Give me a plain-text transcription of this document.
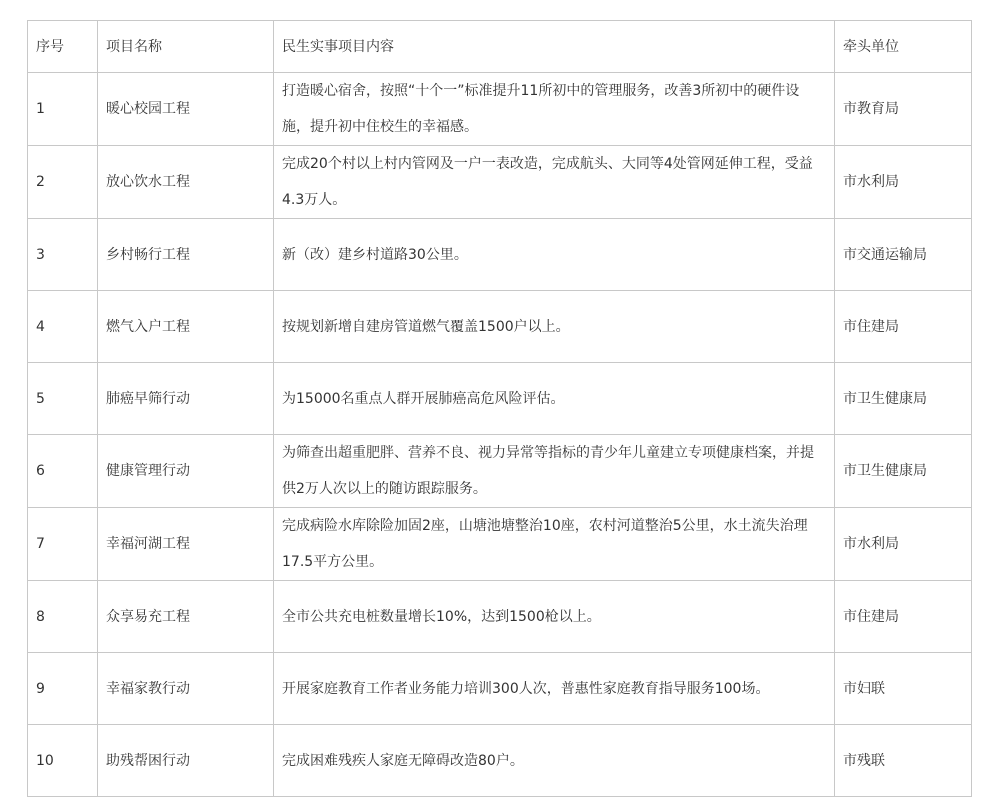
序号	项目名称	民生实事项目内容	牵头单位
1	暖心校园工程	打造暖心宿舍，按照“十个一”标准提升11所初中的管理服务，改善3所初中的硬件设施，提升初中住校生的幸福感。	市教育局
2	放心饮水工程	完成20个村以上村内管网及一户一表改造，完成航头、大同等4处管网延伸工程，受益4.3万人。	市水利局
3	乡村畅行工程	新（改）建乡村道路30公里。	市交通运输局
4	燃气入户工程	按规划新增自建房管道燃气覆盖1500户以上。	市住建局
5	肺癌早筛行动	为15000名重点人群开展肺癌高危风险评估。	市卫生健康局
6	健康管理行动	为筛查出超重肥胖、营养不良、视力异常等指标的青少年儿童建立专项健康档案，并提供2万人次以上的随访跟踪服务。	市卫生健康局
7	幸福河湖工程	完成病险水库除险加固2座，山塘池塘整治10座，农村河道整治5公里，水土流失治理17.5平方公里。	市水利局
8	众享易充工程	全市公共充电桩数量增长10%，达到1500枪以上。	市住建局
9	幸福家教行动	开展家庭教育工作者业务能力培训300人次，普惠性家庭教育指导服务100场。	市妇联
10	助残帮困行动	完成困难残疾人家庭无障碍改造80户。	市残联
